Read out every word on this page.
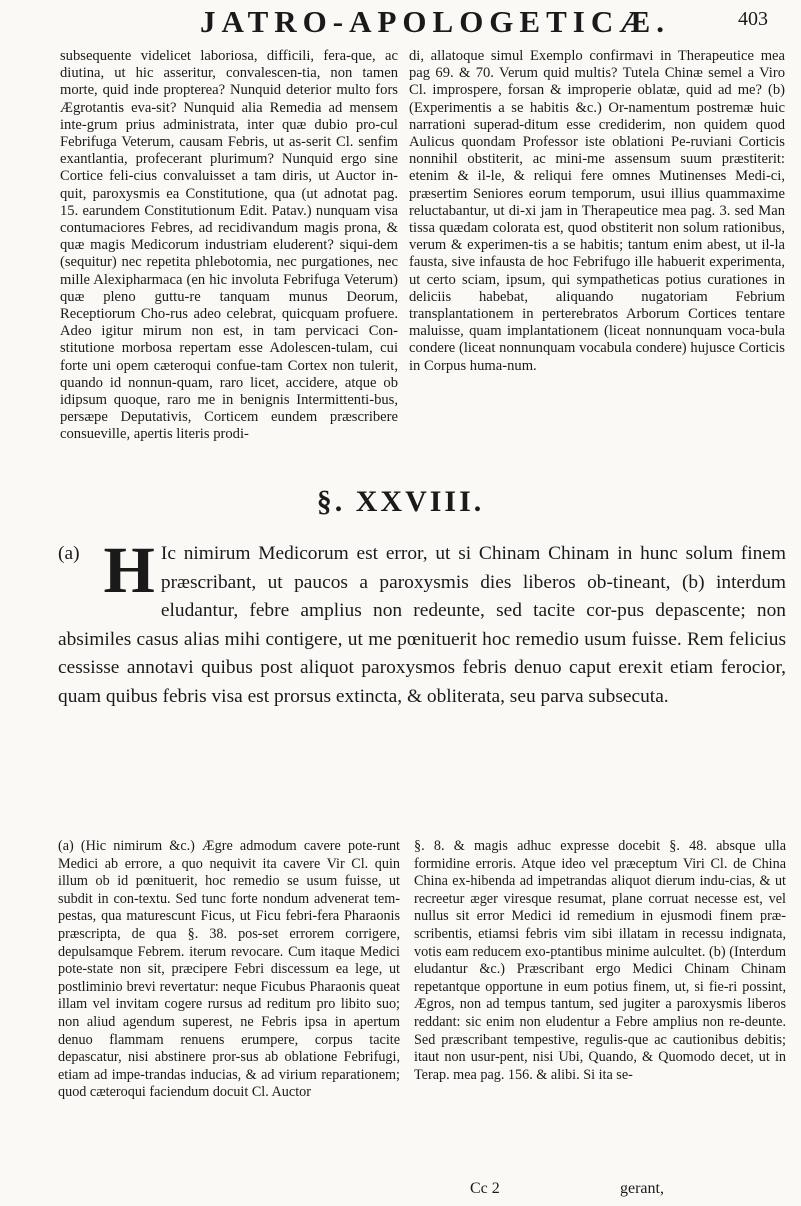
JATRO-APOLOGETICÆ.	403
subsequente videlicet laboriosa, difficili, fera-que, ac diutina, ut hic asseritur, convalescen-tia, non tamen morte, quid inde propterea? Nunquid deterior multo fors Ægrotantis eva-sit? Nunquid alia Remedia ad mensem inte-grum prius administrata, inter quæ dubio pro-cul Febrifuga Veterum, causam Febris, ut as-serit Cl. senfim exantlantia, profecerant plurimum? Nunquid ergo sine Cortice feli-cius convaluisset a tam diris, ut Auctor in-quit, paroxysmis ea Constitutione, qua (ut adnotat pag. 15. earundem Constitutionum Edit. Patav.) nunquam visa contumaciores Febres, ad recidivandum magis prona, & quæ magis Medicorum industriam eluderent? siqui-dem (sequitur) nec repetita phlebotomia, nec purgationes, nec mille Alexipharmaca (en hic involuta Febrifuga Veterum) quæ pleno guttu-re tanquam munus Deorum, Receptiorum Cho-rus adeo celebrat, quicquam profuere. Adeo igitur mirum non est, in tam pervicaci Con-stitutione morbosa repertam esse Adolescen-tulam, cui forte uni opem cæteroqui confue-tam Cortex non tulerit, quando id nonnun-quam, raro licet, accidere, atque ob idipsum quoque, raro me in benignis Intermittenti-bus, persæpe Deputativis, Corticem eundem præscribere consueville, apertis literis prodi-
di, allatoque simul Exemplo confirmavi in Therapeutice mea pag 69. & 70. Verum quid multis? Tutela Chinæ semel a Viro Cl. improspere, forsan & improperie oblatæ, quid ad me? (b) (Experimentis a se habitis &c.) Or-namentum postremæ huic narrationi superad-ditum esse crediderim, non quidem quod Aulicus quondam Professor iste oblationi Pe-ruviani Corticis nonnihil obstiterit, ac mini-me assensum suum præstiterit: etenim & il-le, & reliqui fere omnes Mutinenses Medi-ci, præsertim Seniores eorum temporum, usui illius quammaxime reluctabantur, ut di-xi jam in Therapeutice mea pag. 3. sed Man tissa quædam colorata est, quod obstiterit non solum rationibus, verum & experimen-tis a se habitis; tantum enim abest, ut il-la fausta, sive infausta de hoc Febrifugo ille habuerit experimenta, ut certo sciam, ipsum, qui sympatheticas potius curationes in deliciis habebat, aliquando nugatoriam Febrium transplantationem in perterebratos Arborum Cortices tentare maluisse, quam implantationem (liceat nonnunquam voca-bula condere (liceat nonnunquam vocabula condere) hujusce Corticis in Corpus huma-num.
§. XXVIII.
(a) H Ic nimirum Medicorum est error, ut si Chinam Chinam in hunc solum finem præscribant, ut paucos a paroxysmis dies liberos ob-tineant, (b) interdum eludantur, febre amplius non redeunte, sed tacite cor-pus depascente; non absimiles casus alias mihi contigere, ut me pœnituerit hoc remedio usum fuisse. Rem felicius cessisse annotavi quibus post aliquot paroxysmos febris denuo caput erexit etiam ferocior, quam quibus febris visa est prorsus extincta, & obliterata, seu parva subsecuta.
(a) (Hic nimirum &c.) Ægre admodum cavere pote-runt Medici ab errore, a quo nequivit ita cavere Vir Cl. quin illum ob id pœnituerit, hoc remedio se usum fuisse, ut subdit in con-textu. Sed tunc forte nondum advenerat tem-pestas, qua maturescunt Ficus, ut Ficu febri-fera Pharaonis præscripta, de qua §. 38. pos-set errorem corrigere, depulsamque Febrem. iterum revocare. Cum itaque Medici pote-state non sit, præcipere Febri discessum ea lege, ut postliminio brevi revertatur: neque Ficubus Pharaonis queat illam vel invitam cogere rursus ad reditum pro libito suo; non aliud agendum superest, ne Febris ipsa in apertum denuo flammam renuens erumpere, corpus tacite depascatur, nisi abstinere pror-sus ab oblatione Febrifugi, etiam ad impe-trandas inducias, & ad virium reparationem; quod cæteroqui faciendum docuit Cl. Auctor
§. 8. & magis adhuc expresse docebit §. 48. absque ulla formidine erroris. Atque ideo vel præceptum Viri Cl. de China China ex-hibenda ad impetrandas aliquot dierum indu-cias, & ut recreetur æger viresque resumat, plane corruat necesse est, vel nullus sit error Medici id remedium in ejusmodi finem præ-scribentis, etiamsi febris vim sibi illatam in recessu indignata, votis eam reducem exo-ptantibus minime aulcultet. (b) (Interdum eludantur &c.) Præscribant ergo Medici Chinam Chinam repetantque opportune in eum potius finem, ut, si fie-ri possint, Ægros, non ad tempus tantum, sed jugiter a paroxysmis liberos reddant: sic enim non eludentur a Febre amplius non re-deunte. Sed præscribant tempestive, regulis-que ac cautionibus debitis; itaut non usur-pent, nisi Ubi, Quando, & Quomodo decet, ut in Terap. mea pag. 156. & alibi. Si ita se-
Cc 2	gerant,
